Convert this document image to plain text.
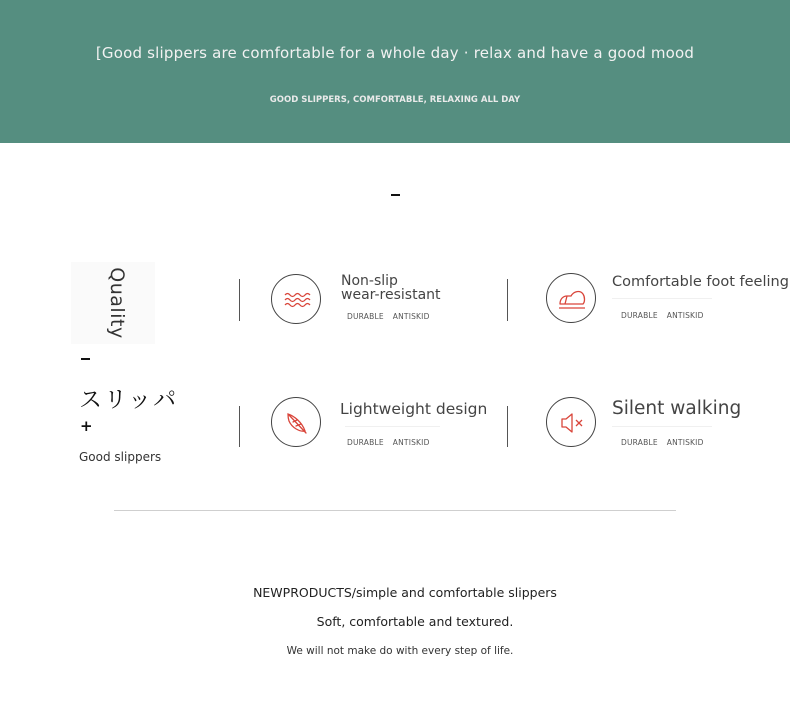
[Good slippers are comfortable for a whole day · relax and have a good mood
GOOD SLIPPERS, COMFORTABLE, RELAXING ALL DAY
Quality
スリッパ
+
Good slippers
Non-slip
wear-resistant
DURABLE ANTISKID
Comfortable foot feeling
DURABLE ANTISKID
Lightweight design
DURABLE ANTISKID
Silent walking
DURABLE ANTISKID
NEWPRODUCTS/simple and comfortable slippers
Soft, comfortable and textured.
We will not make do with every step of life.
